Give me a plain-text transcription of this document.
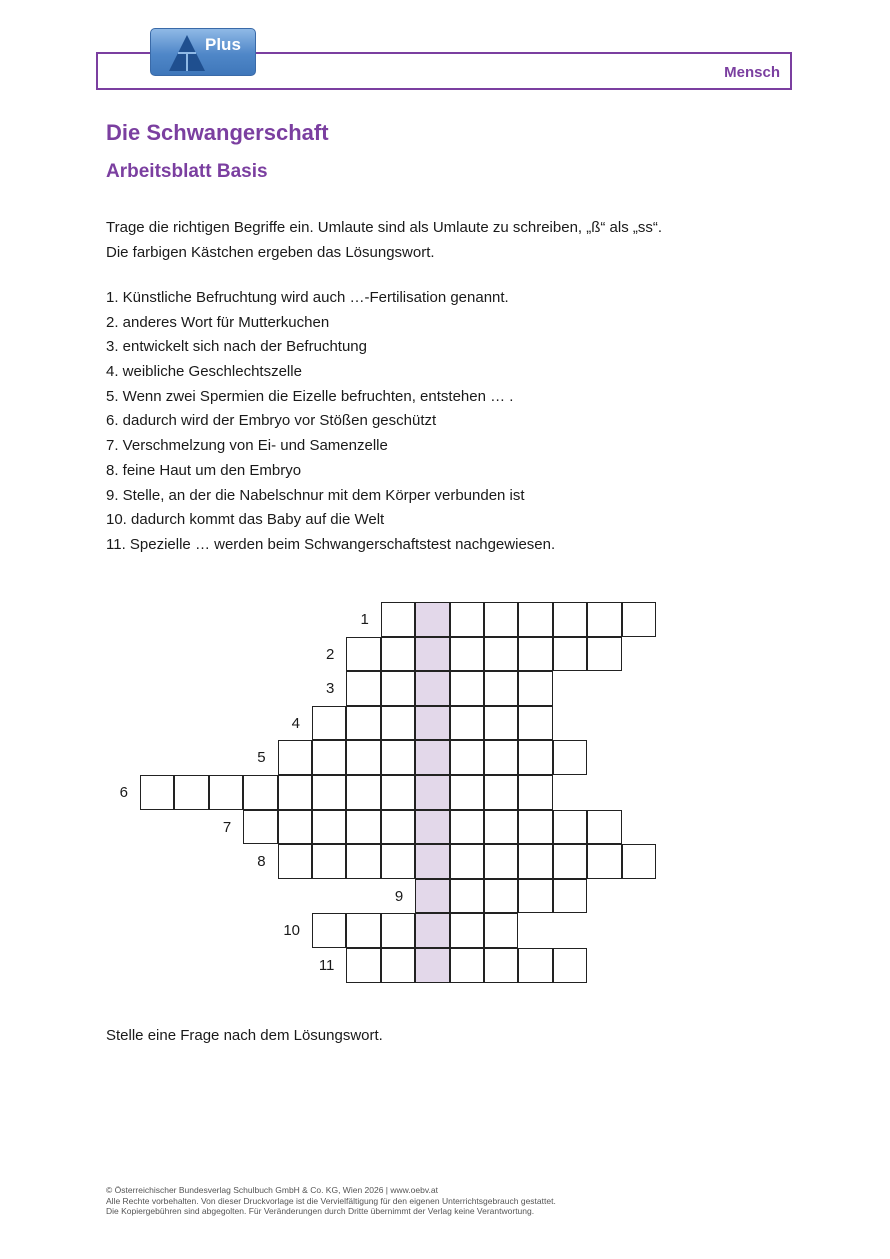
Mensch
Plus
Die Schwangerschaft
Arbeitsblatt Basis

Trage die richtigen Begriffe ein. Umlaute sind als Umlaute zu schreiben, „ß“ als „ss“.

Die farbigen Kästchen ergeben das Lösungswort.

1. Künstliche Befruchtung wird auch …-Fertilisation genannt.
2. anderes Wort für Mutterkuchen
3. entwickelt sich nach der Befruchtung
4. weibliche Geschlechtszelle
5. Wenn zwei Spermien die Eizelle befruchten, entstehen … .
6. dadurch wird der Embryo vor Stößen geschützt
7. Verschmelzung von Ei- und Samenzelle
8. feine Haut um den Embryo
9. Stelle, an der die Nabelschnur mit dem Körper verbunden ist
10. dadurch kommt das Baby auf die Welt
11. Spezielle … werden beim Schwangerschaftstest nachgewiesen.
1
2
3
4
5
6
7
8
9
10
11

Stelle eine Frage nach dem Lösungswort.

© Österreichischer Bundesverlag Schulbuch GmbH & Co. KG, Wien 2026 | www.oebv.at
Alle Rechte vorbehalten. Von dieser Druckvorlage ist die Vervielfältigung für den eigenen Unterrichtsgebrauch gestattet.
Die Kopiergebühren sind abgegolten. Für Veränderungen durch Dritte übernimmt der Verlag keine Verantwortung.
